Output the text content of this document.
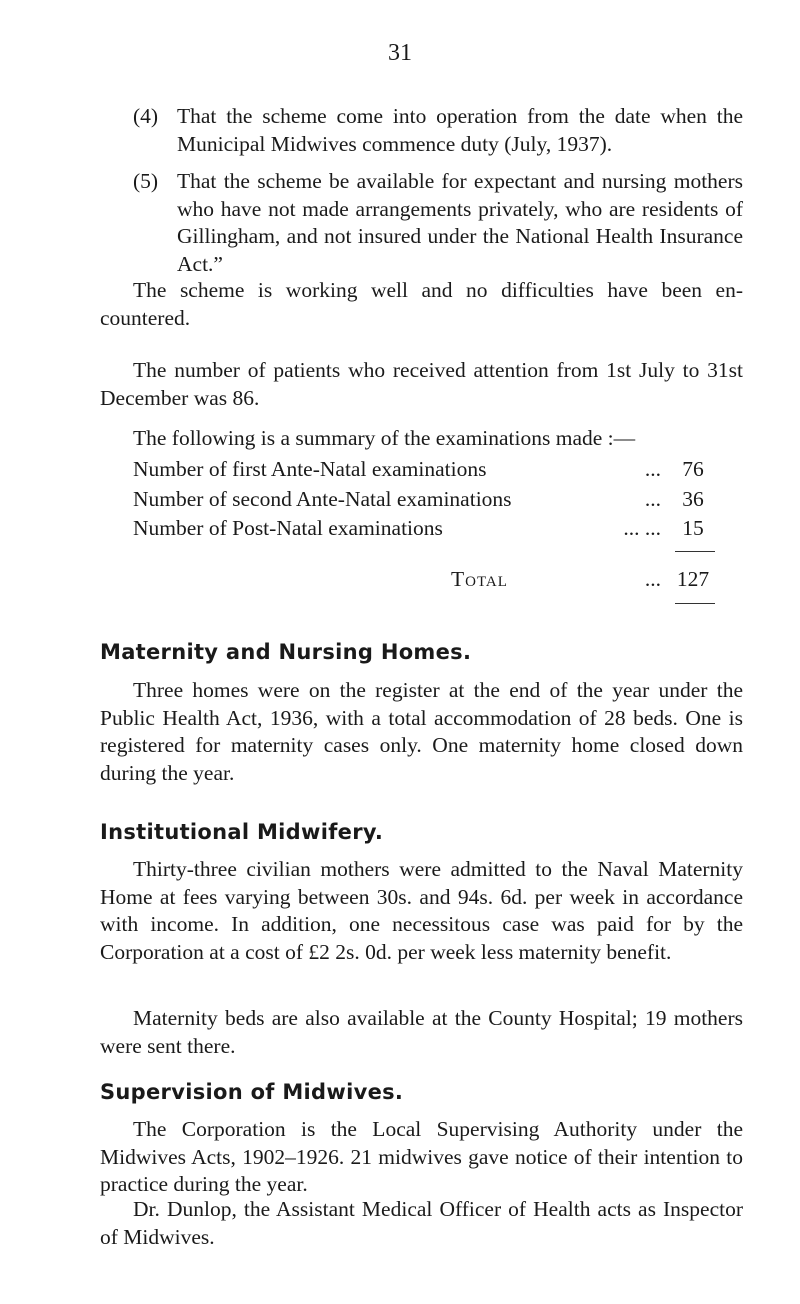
31
(4) That the scheme come into operation from the date when the Municipal Midwives commence duty (July, 1937).
(5) That the scheme be available for expectant and nursing mothers who have not made arrangements privately, who are residents of Gillingham, and not insured under the National Health Insurance Act.”

The scheme is working well and no difficulties have been en- countered.

The number of patients who received attention from 1st July to 31st December was 86.

The following is a summary of the examinations made :—

Number of first Ante-Natal examinations	... 76
Number of second Ante-Natal examinations	... 36
Number of Post-Natal examinations	... ... 15
Total	... 127
Maternity and Nursing Homes.

Three homes were on the register at the end of the year under the Public Health Act, 1936, with a total accommodation of 28 beds. One is registered for maternity cases only. One maternity home closed down during the year.

Institutional Midwifery.

Thirty-three civilian mothers were admitted to the Naval Maternity Home at fees varying between 30s. and 94s. 6d. per week in accordance with income. In addition, one necessitous case was paid for by the Corporation at a cost of £2 2s. 0d. per week less maternity benefit.

Maternity beds are also available at the County Hospital; 19 mothers were sent there.

Supervision of Midwives.

The Corporation is the Local Supervising Authority under the Midwives Acts, 1902–1926. 21 midwives gave notice of their intention to practice during the year.

Dr. Dunlop, the Assistant Medical Officer of Health acts as Inspector of Midwives.
